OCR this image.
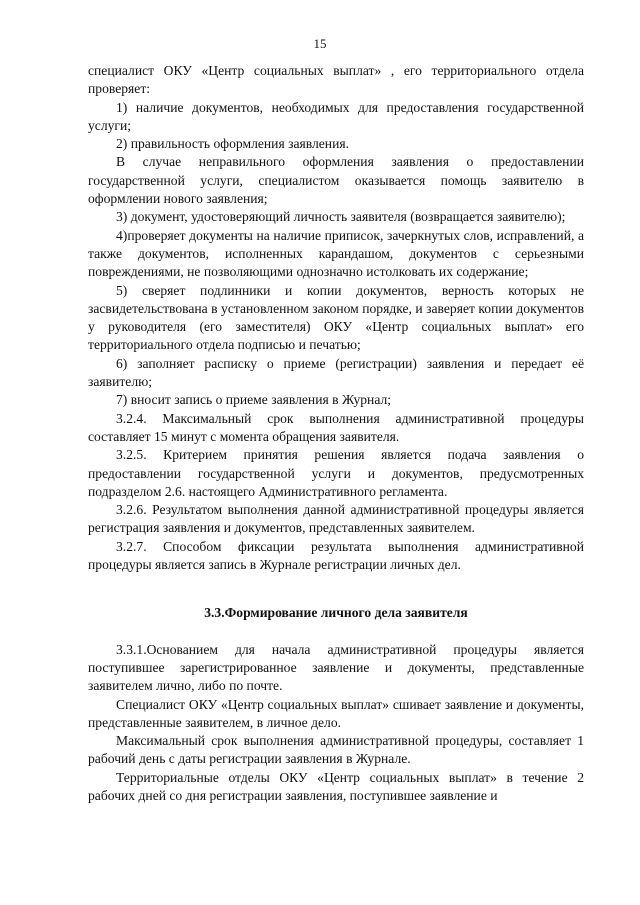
15

специалист ОКУ «Центр социальных выплат» , его территориального отдела проверяет:

1) наличие документов, необходимых для предоставления государственной услуги;

2) правильность оформления заявления.

В случае неправильного оформления заявления о предоставлении государственной услуги, специалистом оказывается помощь заявителю в оформлении нового заявления;

3) документ, удостоверяющий личность заявителя (возвращается заявителю);

4)проверяет документы на наличие приписок, зачеркнутых слов, исправлений, а также документов, исполненных карандашом, документов с серьезными повреждениями, не позволяющими однозначно истолковать их содержание;

5) сверяет подлинники и копии документов, верность которых не засвидетельствована в установленном законом порядке, и заверяет копии документов у руководителя (его заместителя) ОКУ «Центр социальных выплат» его территориального отдела подписью и печатью;

6) заполняет расписку о приеме (регистрации) заявления и передает её заявителю;

7) вносит запись о приеме заявления в Журнал;

3.2.4. Максимальный срок выполнения административной процедуры составляет 15 минут с момента обращения заявителя.

3.2.5. Критерием принятия решения является подача заявления о предоставлении государственной услуги и документов, предусмотренных подразделом 2.6. настоящего Административного регламента.

3.2.6. Результатом выполнения данной административной процедуры является регистрация заявления и документов, представленных заявителем.

3.2.7. Способом фиксации результата выполнения административной процедуры является запись в Журнале регистрации личных дел.

3.3.Формирование личного дела заявителя

3.3.1.Основанием для начала административной процедуры является поступившее зарегистрированное заявление и документы, представленные заявителем лично, либо по почте.

Специалист ОКУ «Центр социальных выплат» сшивает заявление и документы, представленные заявителем, в личное дело.

Максимальный срок выполнения административной процедуры, составляет 1 рабочий день с даты регистрации заявления в Журнале.

Территориальные отделы ОКУ «Центр социальных выплат» в течение 2 рабочих дней со дня регистрации заявления, поступившее заявление и
